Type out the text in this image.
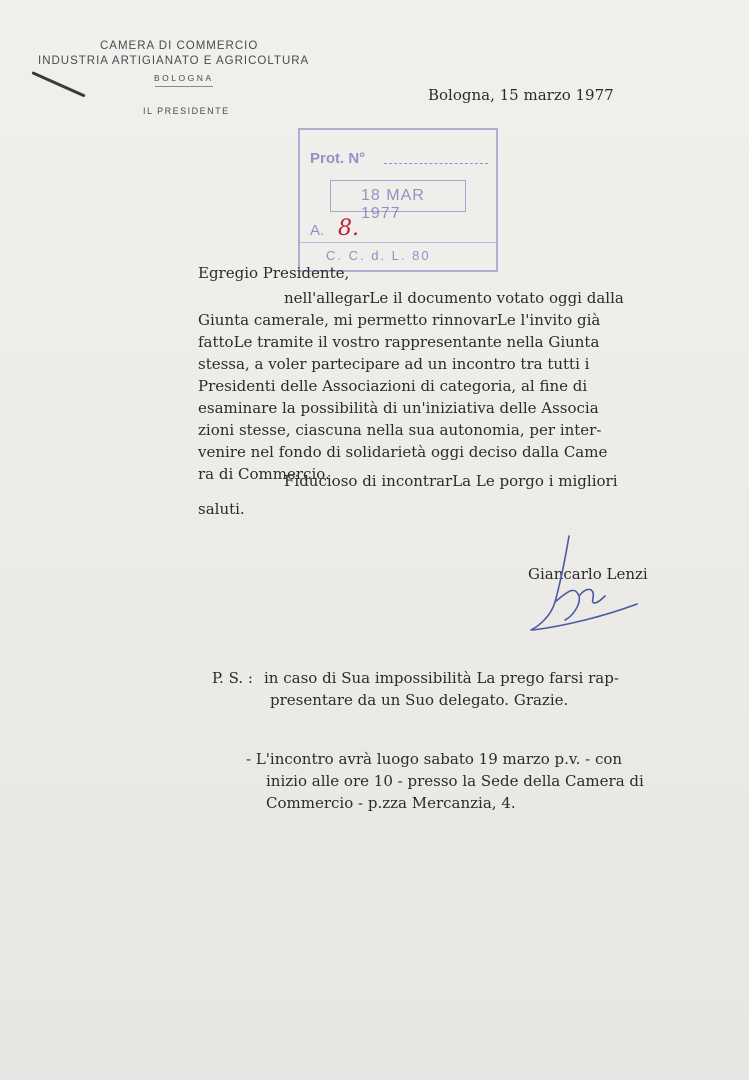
CAMERA DI COMMERCIO
INDUSTRIA ARTIGIANATO E AGRICOLTURA
BOLOGNA
IL PRESIDENTE
Bologna, 15 marzo 1977
Prot. N°
18 MAR 1977
A. 8.
C. C. d. L. 80
Egregio Presidente,
nell'allegarLe il documento votato oggi dalla
Giunta camerale, mi permetto rinnovarLe l'invito già
fattoLe tramite il vostro rappresentante nella Giunta
stessa, a voler partecipare ad un incontro tra tutti i
Presidenti delle Associazioni di categoria, al fine di
esaminare la possibilità di un'iniziativa delle Associa
zioni stesse, ciascuna nella sua autonomia, per inter-
venire nel fondo di solidarietà oggi deciso dalla Came
ra di Commercio.
Fiducioso di incontrarLa Le porgo i migliori
saluti.
Giancarlo Lenzi
P. S. : in caso di Sua impossibilità La prego farsi rap-
presentare da un Suo delegato. Grazie.
- L'incontro avrà luogo sabato 19 marzo p.v. - con
inizio alle ore 10 - presso la Sede della Camera di
Commercio - p.zza Mercanzia, 4.
